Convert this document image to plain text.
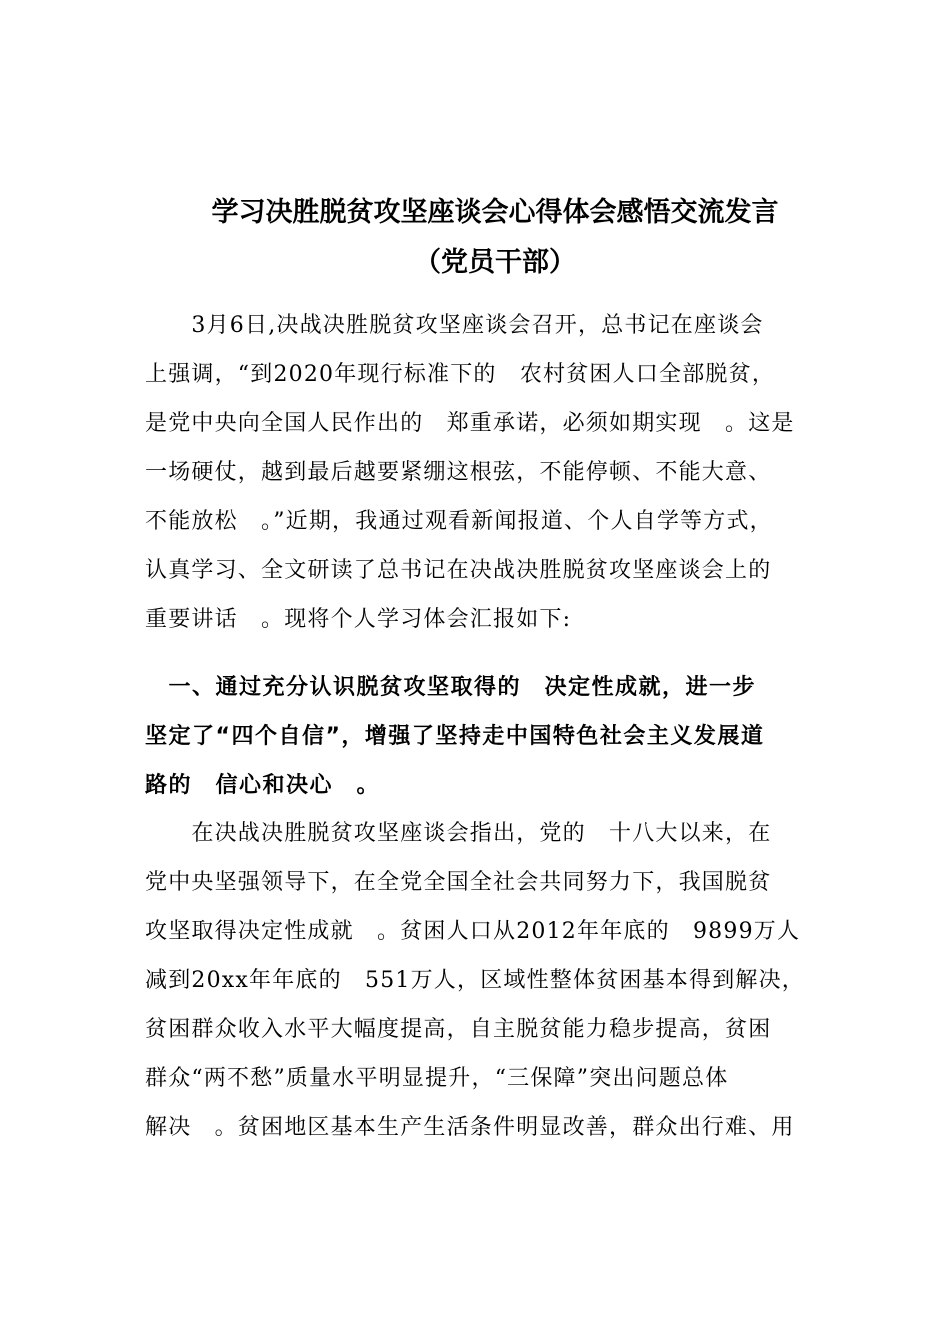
学习决胜脱贫攻坚座谈会心得体会感悟交流发言
（党员干部）
　　3月6日,决战决胜脱贫攻坚座谈会召开，总书记在座谈会
上强调，“到2020年现行标准下的　农村贫困人口全部脱贫，
是党中央向全国人民作出的　郑重承诺，必须如期实现　。这是
一场硬仗，越到最后越要紧绷这根弦，不能停顿、不能大意、
不能放松　。”近期，我通过观看新闻报道、个人自学等方式，
认真学习、全文研读了总书记在决战决胜脱贫攻坚座谈会上的
重要讲话　。现将个人学习体会汇报如下:
　一、通过充分认识脱贫攻坚取得的　决定性成就，进一步
坚定了“四个自信”，增强了坚持走中国特色社会主义发展道
路的　信心和决心　。
　　在决战决胜脱贫攻坚座谈会指出，党的　十八大以来，在
党中央坚强领导下，在全党全国全社会共同努力下，我国脱贫
攻坚取得决定性成就　。贫困人口从2012年年底的　9899万人
减到20xx年年底的　551万人，区域性整体贫困基本得到解决，
贫困群众收入水平大幅度提高，自主脱贫能力稳步提高，贫困
群众“两不愁”质量水平明显提升，“三保障”突出问题总体
解决　。贫困地区基本生产生活条件明显改善，群众出行难、用
